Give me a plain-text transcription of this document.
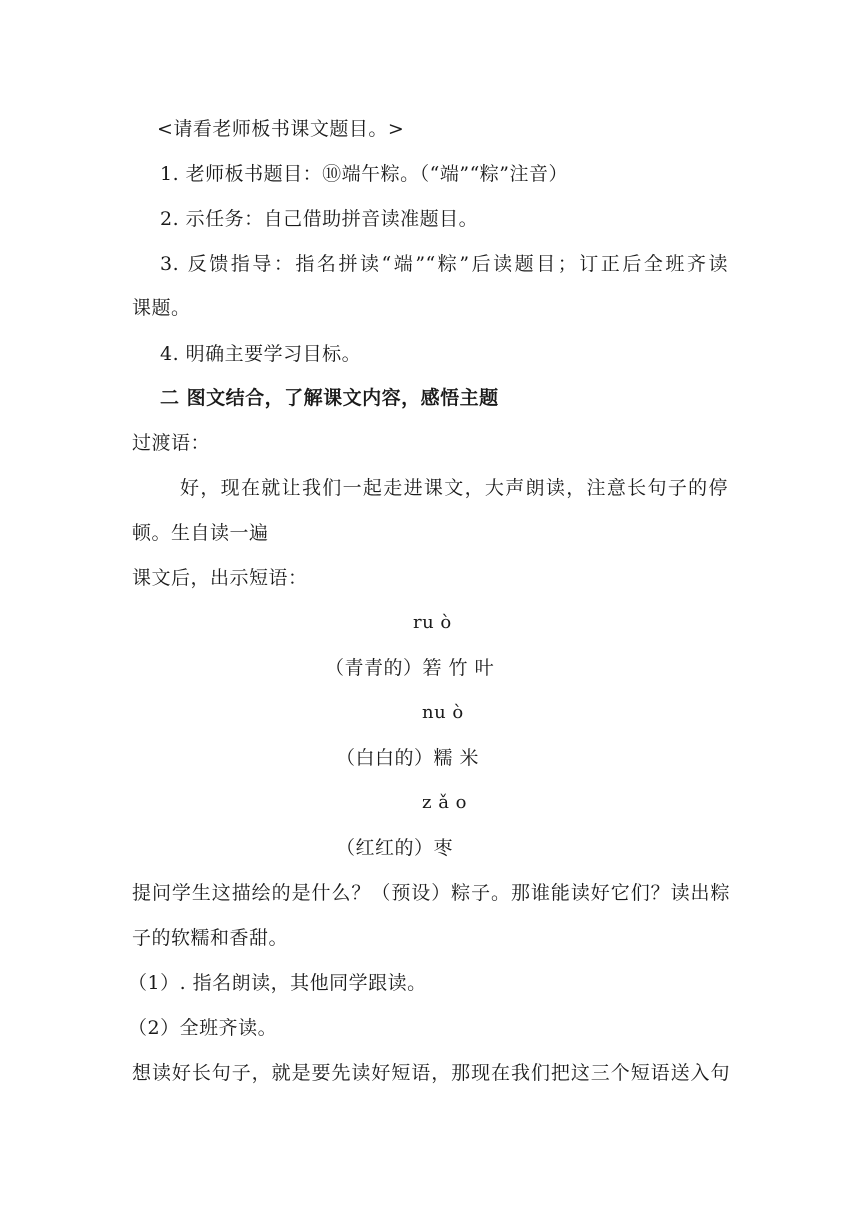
<请看老师板书课文题目。>
1. 老师板书题目：⑩端午粽。（“端”“粽”注音）
2. 示任务：自己借助拼音读准题目。
3. 反馈指导：指名拼读“端”“粽”后读题目；订正后全班齐读
课题。
4. 明确主要学习目标。
二 图文结合，了解课文内容，感悟主题
过渡语：
好，现在就让我们一起走进课文，大声朗读，注意长句子的停
顿。生自读一遍
课文后，出示短语：
ru ò
（青青的）箬 竹 叶
nu ò
（白白的）糯 米
z ǎ o
（红红的）枣
提问学生这描绘的是什么？（预设）粽子。那谁能读好它们？读出粽
子的软糯和香甜。
（1）. 指名朗读，其他同学跟读。
（2）全班齐读。
想读好长句子，就是要先读好短语，那现在我们把这三个短语送入句
